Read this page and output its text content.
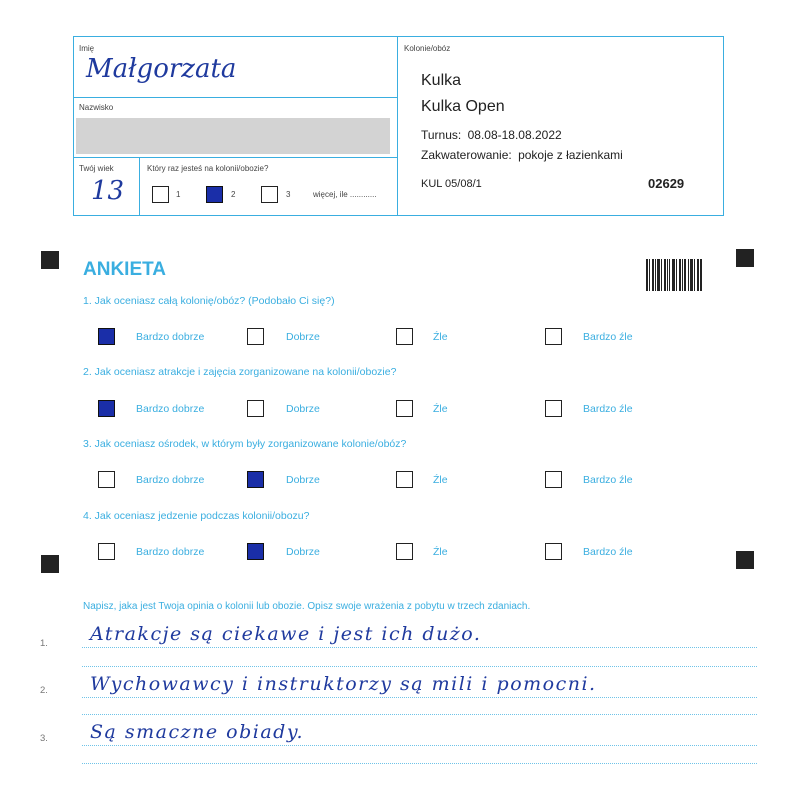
Imię
Małgorzata
Nazwisko
Twój wiek
13
Który raz jesteś na kolonii/obozie?
1	2	3	więcej, ile ............
Kolonie/obóz
Kulka
Kulka Open
Turnus: 08.08-18.08.2022
Zakwaterowanie: pokoje z łazienkami
KUL 05/08/1	02629
ANKIETA
1. Jak oceniasz całą kolonię/obóz? (Podobało Ci się?)
Bardzo dobrze	Dobrze	Źle	Bardzo źle
2. Jak oceniasz atrakcje i zajęcia zorganizowane na kolonii/obozie?
Bardzo dobrze	Dobrze	Źle	Bardzo źle
3. Jak oceniasz ośrodek, w którym były zorganizowane kolonie/obóz?
Bardzo dobrze	Dobrze	Źle	Bardzo źle
4. Jak oceniasz jedzenie podczas kolonii/obozu?
Bardzo dobrze	Dobrze	Źle	Bardzo źle
Napisz, jaka jest Twoja opinia o kolonii lub obozie. Opisz swoje wrażenia z pobytu w trzech zdaniach.
1. Atrakcje są ciekawe i jest ich dużo.
2. Wychowawcy i instruktorzy są mili i pomocni.
3. Są smaczne obiady.
